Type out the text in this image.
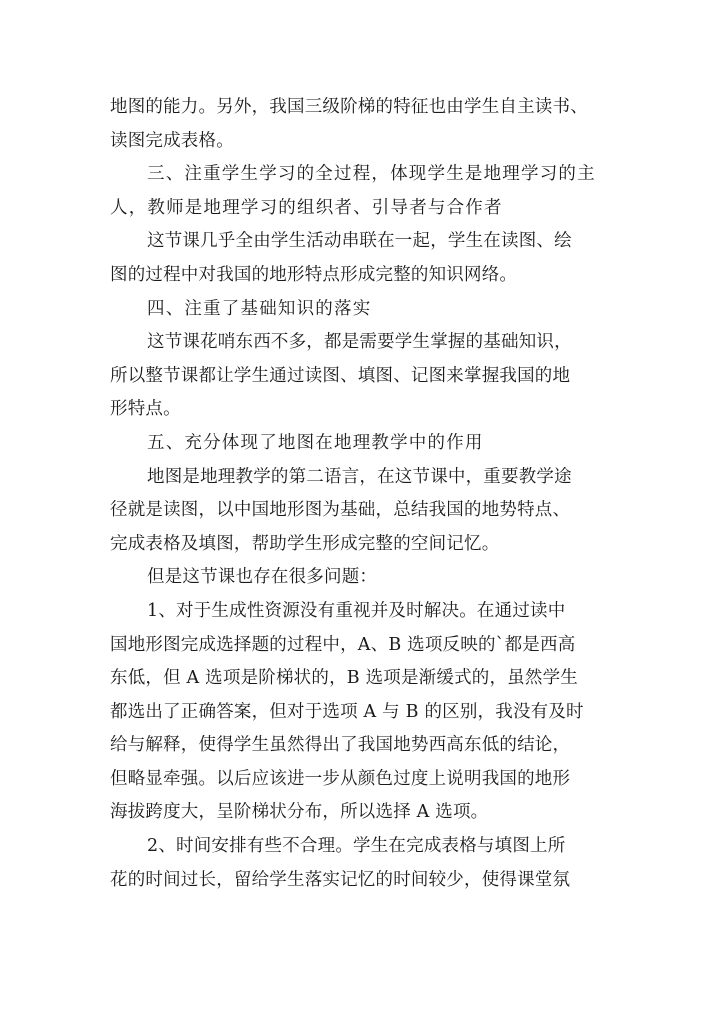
地图的能力。另外，我国三级阶梯的特征也由学生自主读书、
读图完成表格。
三、注重学生学习的全过程，体现学生是地理学习的主
人，教师是地理学习的组织者、引导者与合作者
这节课几乎全由学生活动串联在一起，学生在读图、绘
图的过程中对我国的地形特点形成完整的知识网络。
四、注重了基础知识的落实
这节课花哨东西不多，都是需要学生掌握的基础知识，
所以整节课都让学生通过读图、填图、记图来掌握我国的地
形特点。
五、充分体现了地图在地理教学中的作用
地图是地理教学的第二语言，在这节课中，重要教学途
径就是读图，以中国地形图为基础，总结我国的地势特点、
完成表格及填图，帮助学生形成完整的空间记忆。
但是这节课也存在很多问题：
1、对于生成性资源没有重视并及时解决。在通过读中
国地形图完成选择题的过程中，A、B 选项反映的`都是西高
东低，但 A 选项是阶梯状的，B 选项是渐缓式的，虽然学生
都选出了正确答案，但对于选项 A 与 B 的区别，我没有及时
给与解释，使得学生虽然得出了我国地势西高东低的结论，
但略显牵强。以后应该进一步从颜色过度上说明我国的地形
海拔跨度大，呈阶梯状分布，所以选择 A 选项。
2、时间安排有些不合理。学生在完成表格与填图上所
花的时间过长，留给学生落实记忆的时间较少，使得课堂氛
